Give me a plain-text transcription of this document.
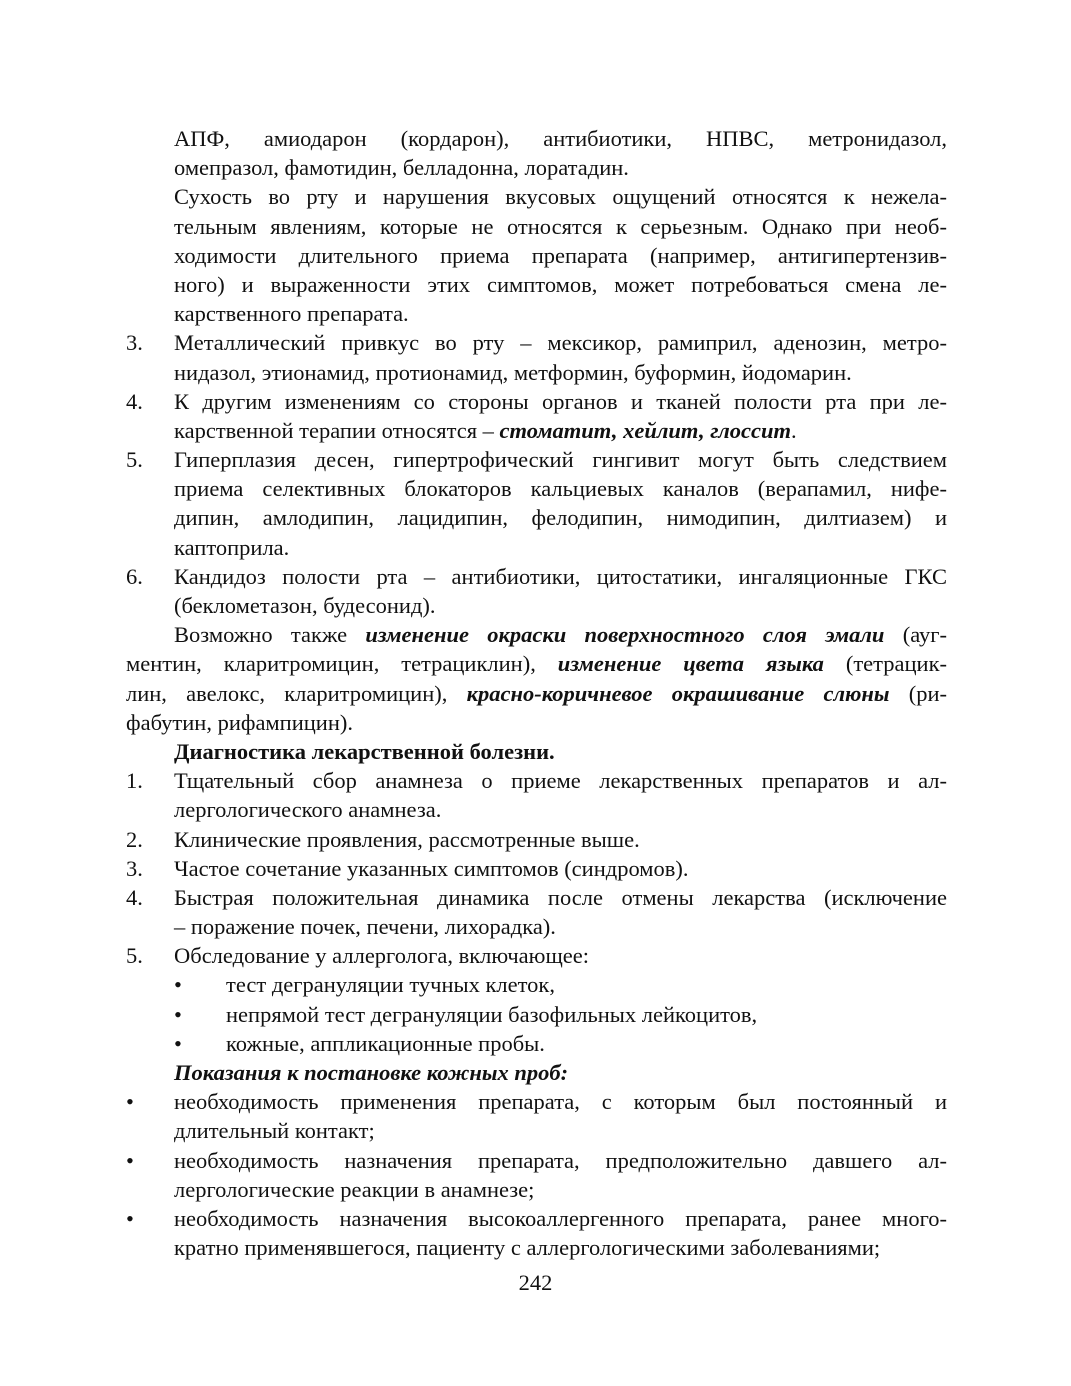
АПФ, амиодарон (кордарон), антибиотики, НПВС, метронидазол,
омепразол, фамотидин, белладонна, лоратадин.
Сухость во рту и нарушения вкусовых ощущений относятся к нежела-
тельным явлениям, которые не относятся к серьезным. Однако при необ-
ходимости длительного приема препарата (например, антигипертензив-
ного) и выраженности этих симптомов, может потребоваться смена ле-
карственного препарата.
3. Металлический привкус во рту – мексикор, рамиприл, аденозин, метро-
нидазол, этионамид, протионамид, метформин, буформин, йодомарин.
4. К другим изменениям со стороны органов и тканей полости рта при ле-
карственной терапии относятся – стоматит, хейлит, глоссит.
5. Гиперплазия десен, гипертрофический гингивит могут быть следствием
приема селективных блокаторов кальциевых каналов (верапамил, нифе-
дипин, амлодипин, лацидипин, фелодипин, нимодипин, дилтиазем) и
каптоприла.
6. Кандидоз полости рта – антибиотики, цитостатики, ингаляционные ГКС
(беклометазон, будесонид).
Возможно также изменение окраски поверхностного слоя эмали (ауг-
ментин, кларитромицин, тетрациклин), изменение цвета языка (тетрацик-
лин, авелокс, кларитромицин), красно-коричневое окрашивание слюны (ри-
фабутин, рифампицин).
Диагностика лекарственной болезни.
1. Тщательный сбор анамнеза о приеме лекарственных препаратов и ал-
лергологического анамнеза.
2. Клинические проявления, рассмотренные выше.
3. Частое сочетание указанных симптомов (синдромов).
4. Быстрая положительная динамика после отмены лекарства (исключение
– поражение почек, печени, лихорадка).
5. Обследование у аллерголога, включающее:
• тест дегрануляции тучных клеток,
• непрямой тест дегрануляции базофильных лейкоцитов,
• кожные, аппликационные пробы.
Показания к постановке кожных проб:
• необходимость применения препарата, с которым был постоянный и
длительный контакт;
• необходимость назначения препарата, предположительно давшего ал-
лергологические реакции в анамнезе;
• необходимость назначения высокоаллергенного препарата, ранее много-
кратно применявшегося, пациенту с аллергологическими заболеваниями;
242
